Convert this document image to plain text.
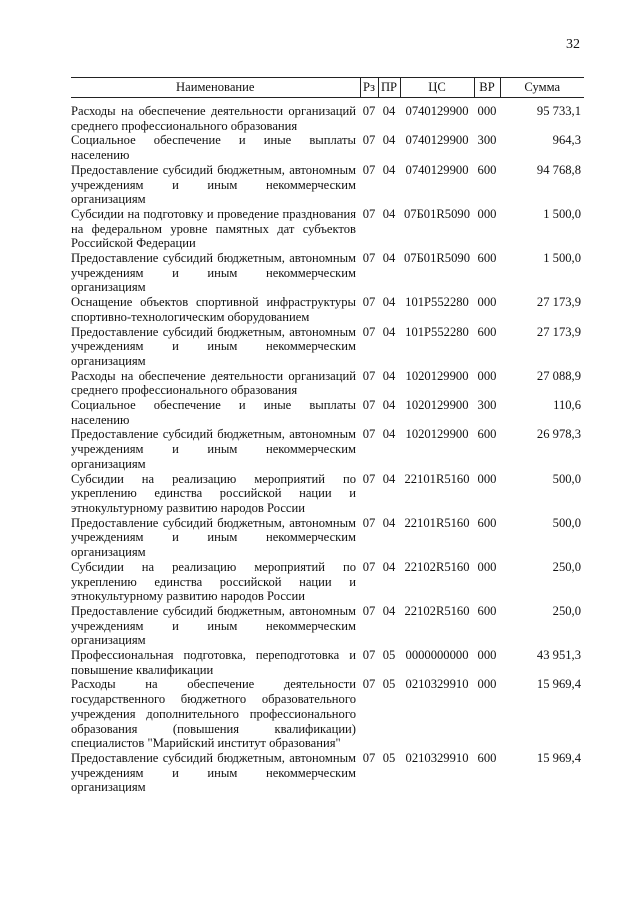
32
Наименование	Рз	ПР	ЦС	ВР	Сумма
Расходы на обеспечение деятельности организаций среднего профессионального образования	07	04	0740129900	000	95 733,1
Социальное обеспечение и иные выплаты населению	07	04	0740129900	300	964,3
Предоставление субсидий бюджетным, автономным учреждениям и иным некоммерческим организациям	07	04	0740129900	600	94 768,8
Субсидии на подготовку и проведение празднования на федеральном уровне памятных дат субъектов Российской Федерации	07	04	07Б01R5090	000	1 500,0
Предоставление субсидий бюджетным, автономным учреждениям и иным некоммерческим организациям	07	04	07Б01R5090	600	1 500,0
Оснащение объектов спортивной инфраструктуры спортивно-технологическим оборудованием	07	04	101Р552280	000	27 173,9
Предоставление субсидий бюджетным, автономным учреждениям и иным некоммерческим организациям	07	04	101Р552280	600	27 173,9
Расходы на обеспечение деятельности организаций среднего профессионального образования	07	04	1020129900	000	27 088,9
Социальное обеспечение и иные выплаты населению	07	04	1020129900	300	110,6
Предоставление субсидий бюджетным, автономным учреждениям и иным некоммерческим организациям	07	04	1020129900	600	26 978,3
Субсидии на реализацию мероприятий по укреплению единства российской нации и этнокультурному развитию народов России	07	04	22101R5160	000	500,0
Предоставление субсидий бюджетным, автономным учреждениям и иным некоммерческим организациям	07	04	22101R5160	600	500,0
Субсидии на реализацию мероприятий по укреплению единства российской нации и этнокультурному развитию народов России	07	04	22102R5160	000	250,0
Предоставление субсидий бюджетным, автономным учреждениям и иным некоммерческим организациям	07	04	22102R5160	600	250,0
Профессиональная подготовка, переподготовка и повышение квалификации	07	05	0000000000	000	43 951,3
Расходы на обеспечение деятельности государственного бюджетного образовательного учреждения дополнительного профессионального образования (повышения квалификации) специалистов "Марийский институт образования"	07	05	0210329910	000	15 969,4
Предоставление субсидий бюджетным, автономным учреждениям и иным некоммерческим организациям	07	05	0210329910	600	15 969,4
